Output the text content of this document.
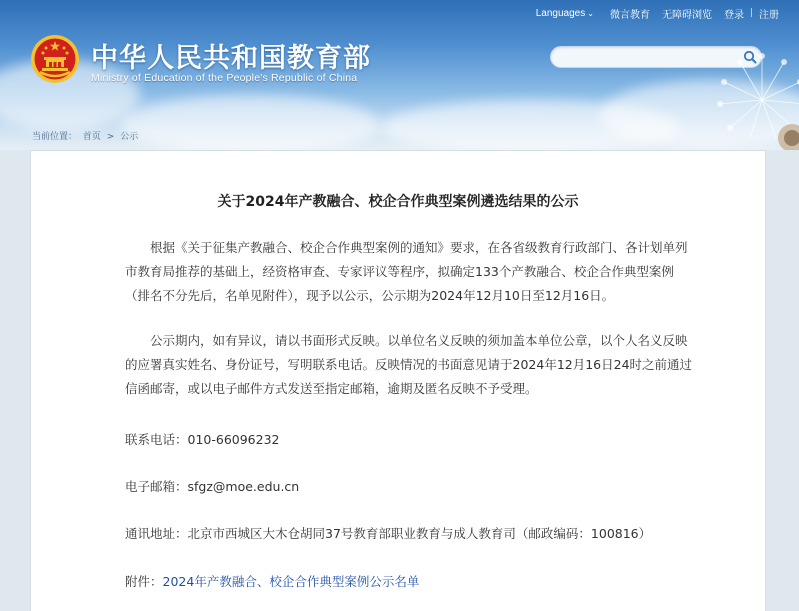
Languages ⌄	微言教育	无障碍浏览	登录 | 注册
中华人民共和国教育部
Ministry of Education of the People's Republic of China
当前位置： 首页 > 公示
关于2024年产教融合、校企合作典型案例遴选结果的公示

根据《关于征集产教融合、校企合作典型案例的通知》要求，在各省级教育行政部门、各计划单列市教育局推荐的基础上，经资格审查、专家评议等程序，拟确定133个产教融合、校企合作典型案例（排名不分先后，名单见附件），现予以公示，公示期为2024年12月10日至12月16日。

公示期内，如有异议，请以书面形式反映。以单位名义反映的须加盖本单位公章，以个人名义反映的应署真实姓名、身份证号，写明联系电话。反映情况的书面意见请于2024年12月16日24时之前通过信函邮寄，或以电子邮件方式发送至指定邮箱，逾期及匿名反映不予受理。

联系电话：010-66096232
电子邮箱：sfgz@moe.edu.cn
通讯地址：北京市西城区大木仓胡同37号教育部职业教育与成人教育司（邮政编码：100816）
附件：2024年产教融合、校企合作典型案例公示名单
